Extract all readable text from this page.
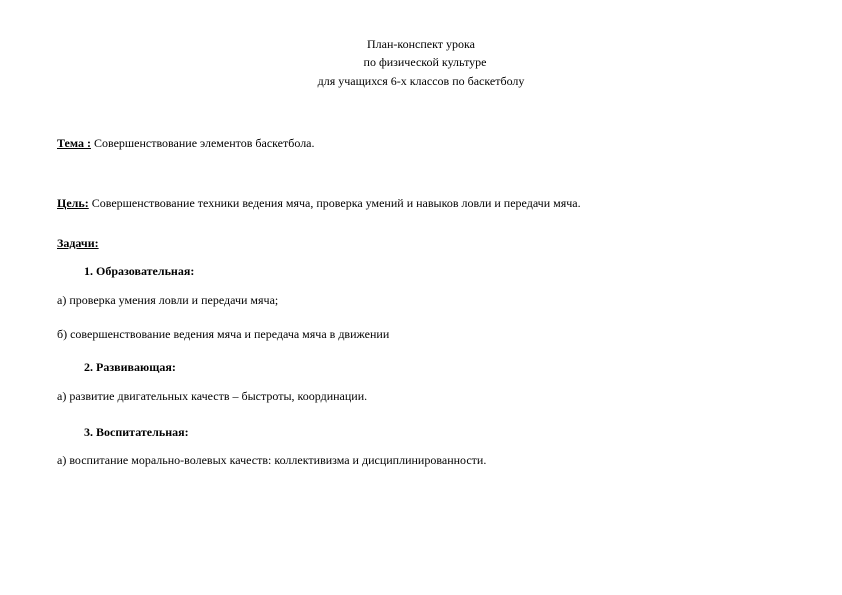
План-конспект урока
по физической культуре
для учащихся 6-х классов по баскетболу
Тема : Совершенствование элементов баскетбола.
Цель: Совершенствование техники ведения мяча, проверка умений и навыков ловли и передачи мяча.
Задачи:
1. Образовательная:
а) проверка умения ловли и передачи мяча;
б) совершенствование ведения мяча и передача мяча в движении
2. Развивающая:
а) развитие двигательных качеств – быстроты, координации.
3. Воспитательная:
а) воспитание морально-волевых качеств: коллективизма и дисциплинированности.
